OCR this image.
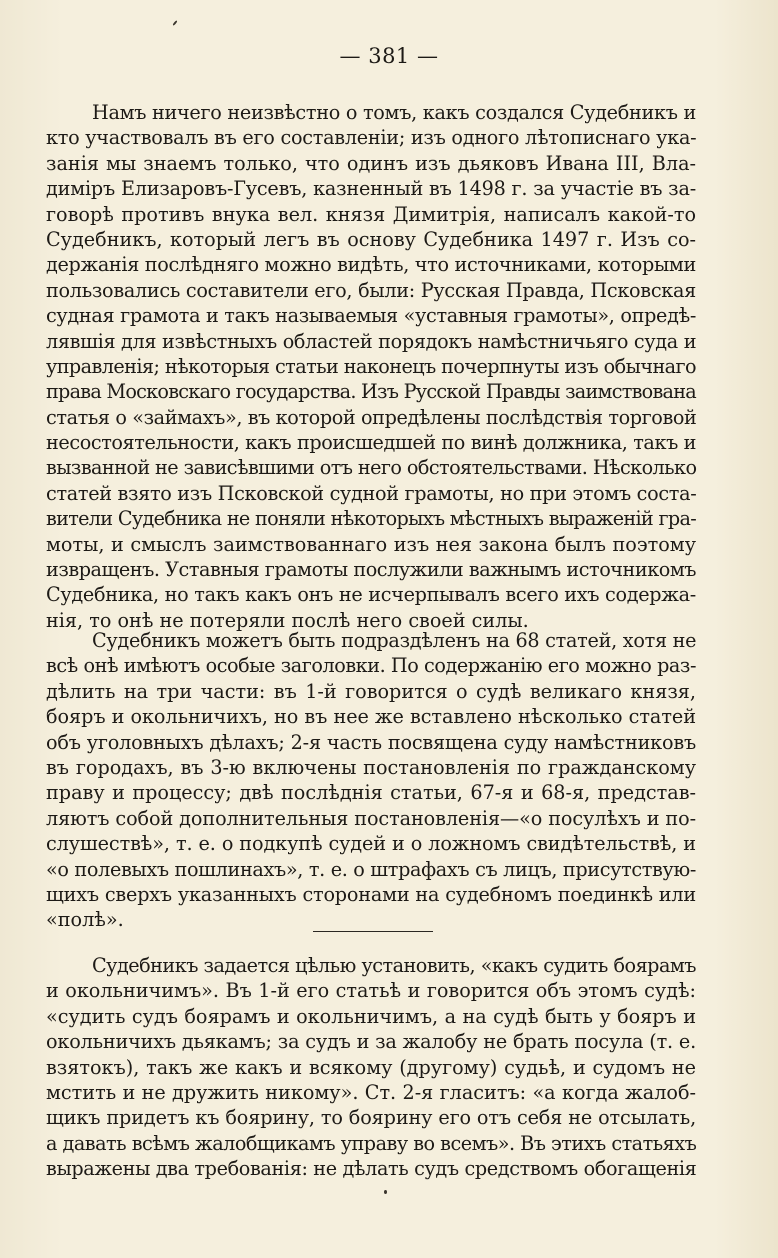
— 381 —
Намъ ничего неизвѣстно о томъ, какъ создался Судебникъ и
кто участвовалъ въ его составленіи; изъ одного лѣтописнаго ука-
занія мы знаемъ только, что одинъ изъ дьяковъ Ивана III, Вла-
диміръ Елизаровъ-Гусевъ, казненный въ 1498 г. за участіе въ за-
говорѣ противъ внука вел. князя Димитрія, написалъ какой-то
Судебникъ, который легъ въ основу Судебника 1497 г. Изъ со-
держанія послѣдняго можно видѣть, что источниками, которыми
пользовались составители его, были: Русская Правда, Псковская
судная грамота и такъ называемыя «уставныя грамоты», опредѣ-
лявшія для извѣстныхъ областей порядокъ намѣстничьяго суда и
управленія; нѣкоторыя статьи наконецъ почерпнуты изъ обычнаго
права Московскаго государства. Изъ Русской Правды заимствована
статья о «займахъ», въ которой опредѣлены послѣдствія торговой
несостоятельности, какъ происшедшей по винѣ должника, такъ и
вызванной не зависѣвшими отъ него обстоятельствами. Нѣсколько
статей взято изъ Псковской судной грамоты, но при этомъ соста-
вители Судебника не поняли нѣкоторыхъ мѣстныхъ выраженій гра-
моты, и смыслъ заимствованнаго изъ нея закона былъ поэтому
извращенъ. Уставныя грамоты послужили важнымъ источникомъ
Судебника, но такъ какъ онъ не исчерпывалъ всего ихъ содержа-
нія, то онѣ не потеряли послѣ него своей силы.
Судебникъ можетъ быть подраздѣленъ на 68 статей, хотя не
всѣ онѣ имѣютъ особые заголовки. По содержанію его можно раз-
дѣлить на три части: въ 1-й говорится о судѣ великаго князя,
бояръ и окольничихъ, но въ нее же вставлено нѣсколько статей
объ уголовныхъ дѣлахъ; 2-я часть посвящена суду намѣстниковъ
въ городахъ, въ 3-ю включены постановленія по гражданскому
праву и процессу; двѣ послѣднія статьи, 67-я и 68-я, представ-
ляютъ собой дополнительныя постановленія—«о посулѣхъ и по-
слушествѣ», т. е. о подкупѣ судей и о ложномъ свидѣтельствѣ, и
«о полевыхъ пошлинахъ», т. е. о штрафахъ съ лицъ, присутствую-
щихъ сверхъ указанныхъ сторонами на судебномъ поединкѣ или
«полѣ».
Судебникъ задается цѣлью установить, «какъ судить боярамъ
и окольничимъ». Въ 1-й его статьѣ и говорится объ этомъ судѣ:
«судить судъ боярамъ и окольничимъ, а на судѣ быть у бояръ и
окольничихъ дьякамъ; за судъ и за жалобу не брать посула (т. е.
взятокъ), такъ же какъ и всякому (другому) судьѣ, и судомъ не
мстить и не дружить никому». Ст. 2-я гласитъ: «а когда жалоб-
щикъ придетъ къ боярину, то боярину его отъ себя не отсылать,
а давать всѣмъ жалобщикамъ управу во всемъ». Въ этихъ статьяхъ
выражены два требованія: не дѣлать судъ средствомъ обогащенія
